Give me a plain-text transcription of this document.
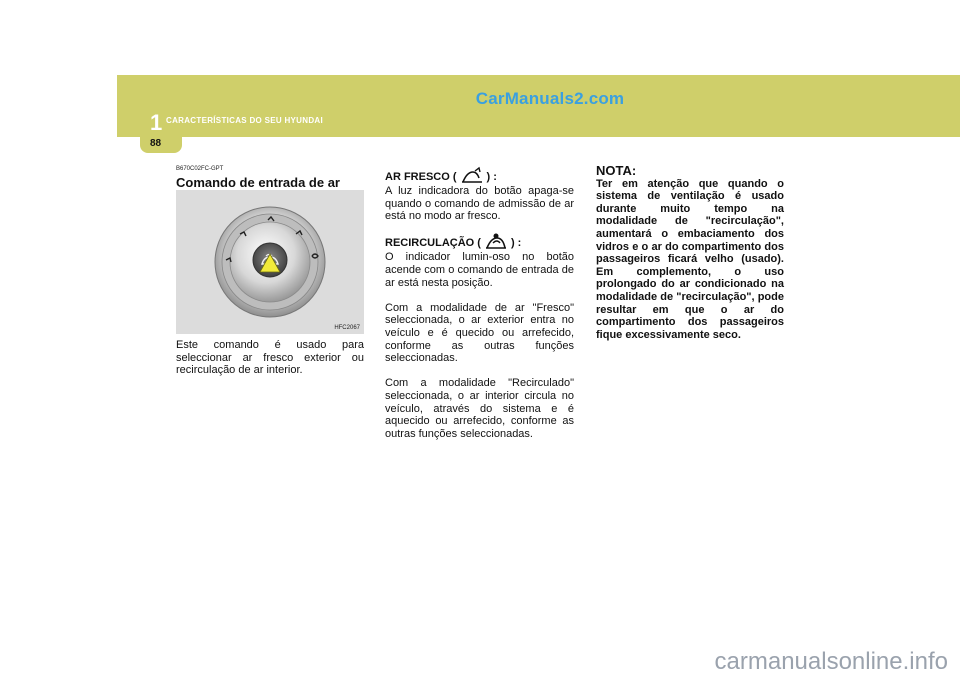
88
1 CARACTERÍSTICAS DO SEU HYUNDAI
CarManuals2.com
B670C02FC-GPT
Comando de entrada de ar
HFC2067

Este comando é usado para seleccionar ar fresco exterior ou recirculação de ar interior.

AR FRESCO (	) :

A luz indicadora do botão apaga-se quando o comando de admissão de ar está no modo ar fresco.

RECIRCULAÇÃO (	) :

O indicador lumin-oso no botão acende com o comando de entrada de ar está nesta posição.

Com a modalidade de ar "Fresco" seleccionada, o ar exterior entra no veículo e é quecido ou arrefecido, conforme as outras funções seleccionadas.

Com a modalidade "Recirculado" seleccionada, o ar interior circula no veículo, através do sistema e é aquecido ou arrefecido, conforme as outras funções seleccionadas.

NOTA:

Ter em atenção que quando o sistema de ventilação é usado durante muito tempo na modalidade de "recirculação", aumentará o embaciamento dos vidros e o ar do compartimento dos passageiros ficará velho (usado). Em complemento, o uso prolongado do ar condicionado na modalidade de "recirculação", pode resultar em que o ar do compartimento dos passageiros fique excessivamente seco.

carmanualsonline.info
